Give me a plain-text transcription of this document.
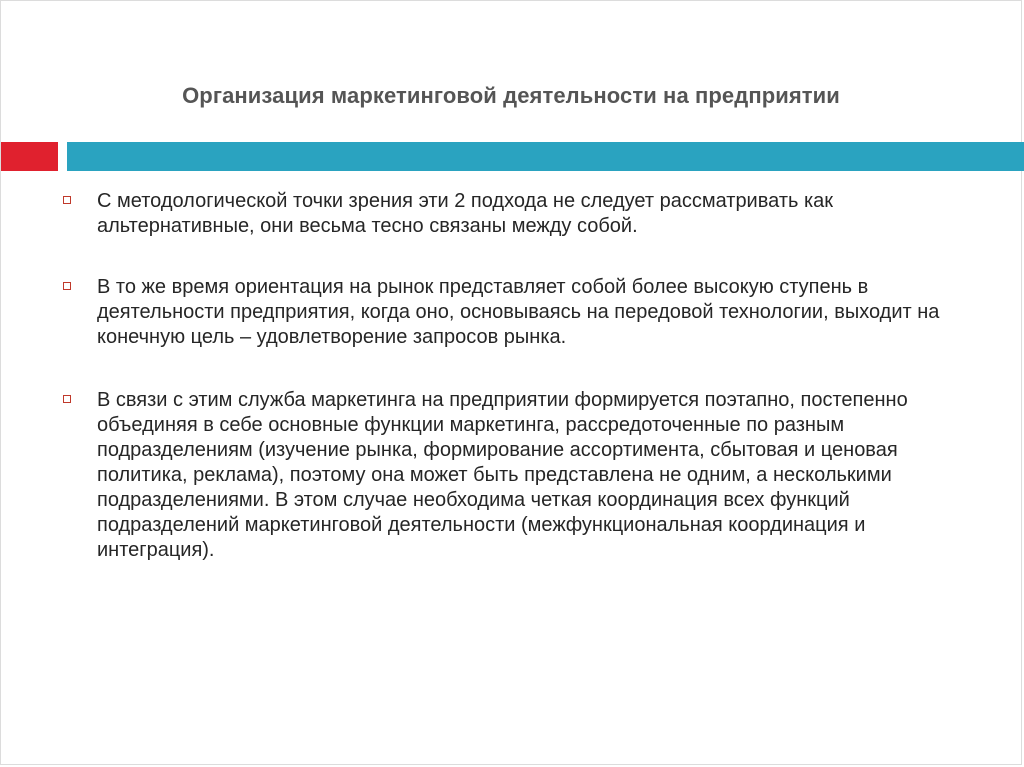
Организация маркетинговой деятельности на предприятии
С методологической точки зрения эти 2 подхода не следует рассматривать как альтернативные, они весьма тесно связаны между собой.
В то же время ориентация на рынок представляет собой более высокую ступень в деятельности предприятия, когда оно, основываясь на передовой технологии, выходит на конечную цель – удовлетворение запросов рынка.
В связи с этим служба маркетинга на предприятии формируется поэтапно, постепенно объединяя в себе основные функции маркетинга, рассредоточенные по разным подразделениям (изучение рынка, формирование ассортимента, сбытовая и ценовая политика, реклама), поэтому она может быть представлена не одним, а несколькими подразделениями. В этом случае необходима четкая координация всех функций подразделений маркетинговой деятельности (межфункциональная координация и интеграция).
